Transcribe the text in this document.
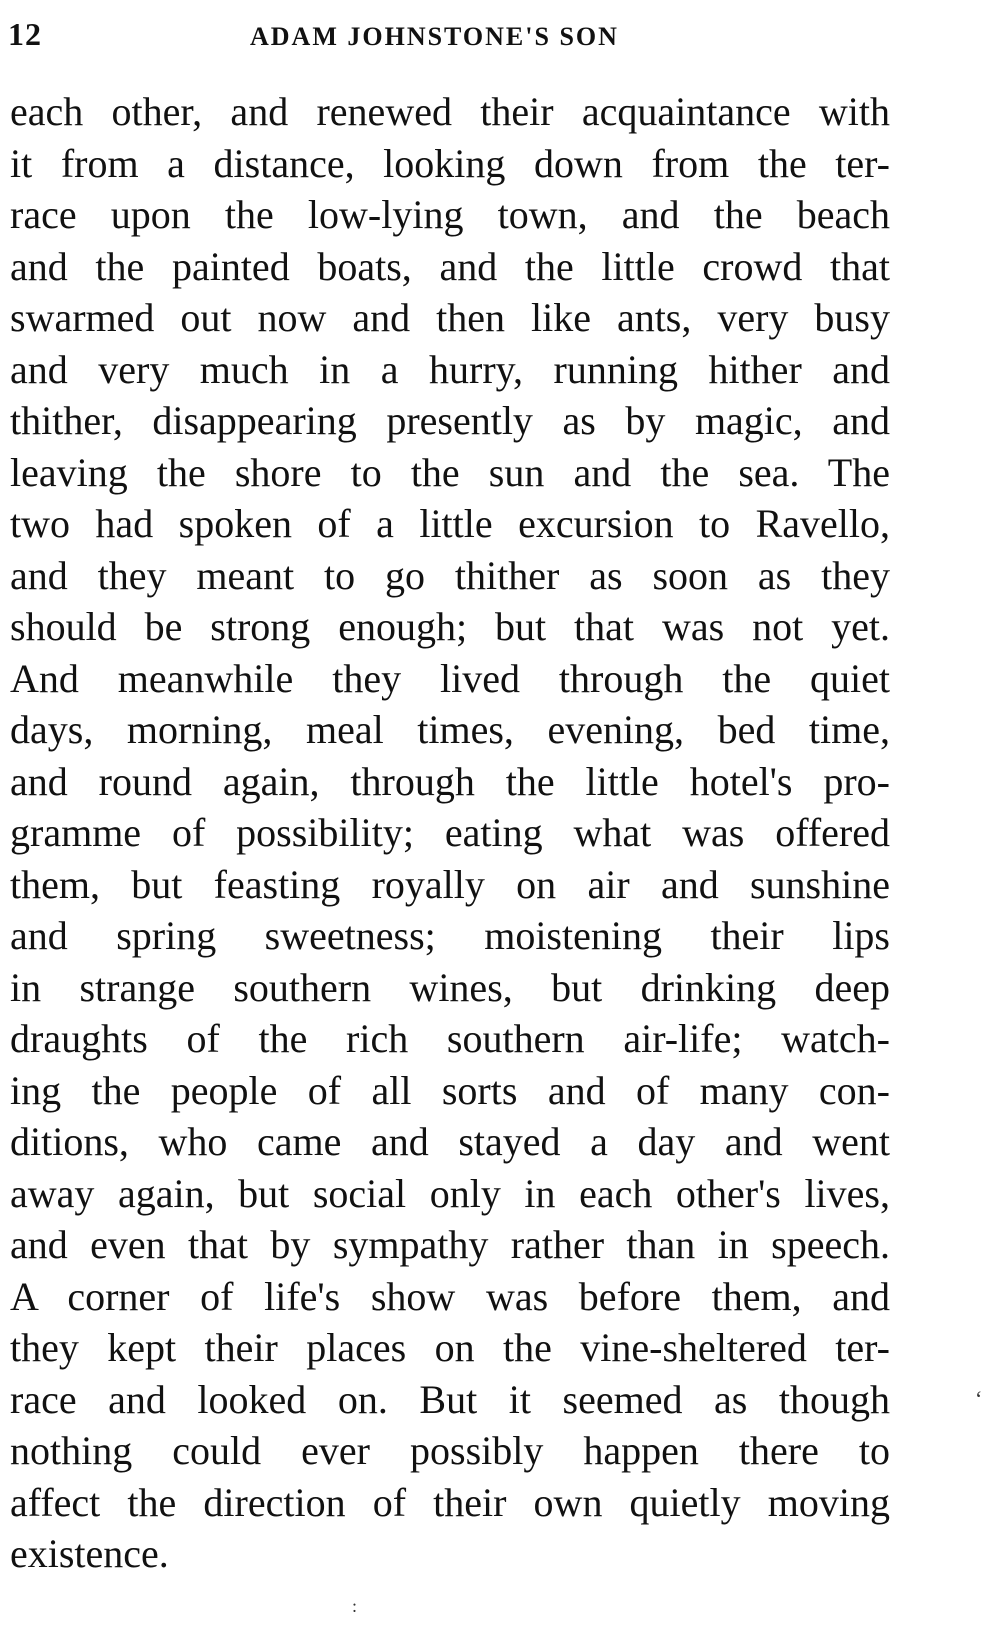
12	ADAM JOHNSTONE'S SON
each other, and renewed their acquaintance with
it from a distance, looking down from the ter-
race upon the low-lying town, and the beach
and the painted boats, and the little crowd that
swarmed out now and then like ants, very busy
and very much in a hurry, running hither and
thither, disappearing presently as by magic, and
leaving the shore to the sun and the sea. The
two had spoken of a little excursion to Ravello,
and they meant to go thither as soon as they
should be strong enough; but that was not yet.
And meanwhile they lived through the quiet
days, morning, meal times, evening, bed time,
and round again, through the little hotel's pro-
gramme of possibility; eating what was offered
them, but feasting royally on air and sunshine
and spring sweetness; moistening their lips
in strange southern wines, but drinking deep
draughts of the rich southern air-life; watch-
ing the people of all sorts and of many con-
ditions, who came and stayed a day and went
away again, but social only in each other's lives,
and even that by sympathy rather than in speech.
A corner of life's show was before them, and
they kept their places on the vine-sheltered ter-
race and looked on. But it seemed as though
nothing could ever possibly happen there to
affect the direction of their own quietly moving
existence.
‘
:
